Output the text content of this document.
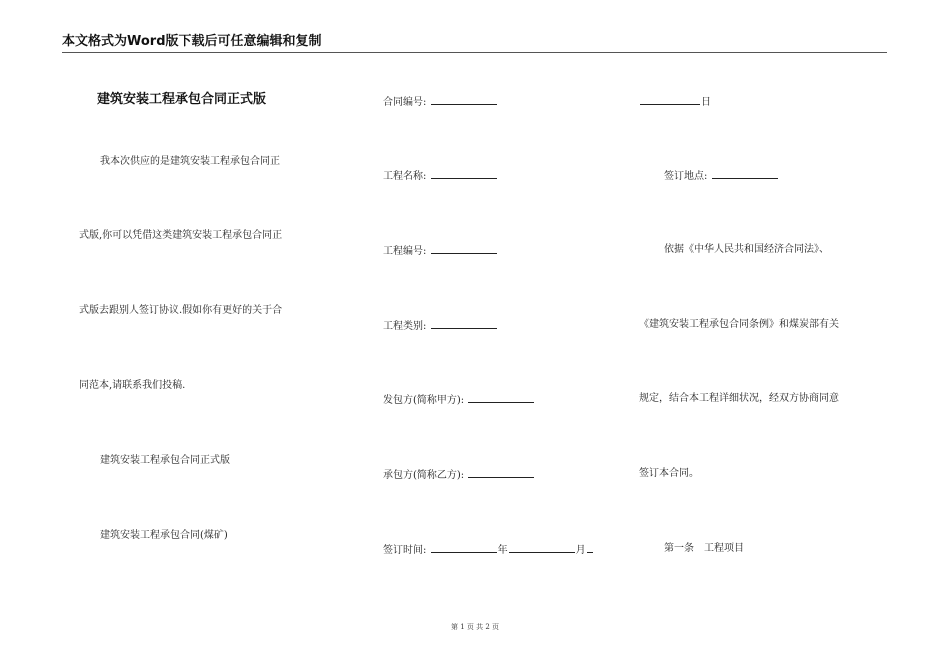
本文格式为Word版下载后可任意编辑和复制
建筑安装工程承包合同正式版
我本次供应的是建筑安装工程承包合同正
式版,你可以凭借这类建筑安装工程承包合同正
式版去跟别人签订协议.假如你有更好的关于合
同范本,请联系我们投稿.
建筑安装工程承包合同正式版
建筑安装工程承包合同(煤矿)
合同编号:
工程名称:
工程编号:
工程类别:
发包方(简称甲方):
承包方(简称乙方):
签订时间:	年	月
日
签订地点:
依据《中华人民共和国经济合同法》、
《建筑安装工程承包合同条例》和煤炭部有关
规定，结合本工程详细状况，经双方协商同意
签订本合同。
第一条　工程项目
第 1 页 共 2 页
